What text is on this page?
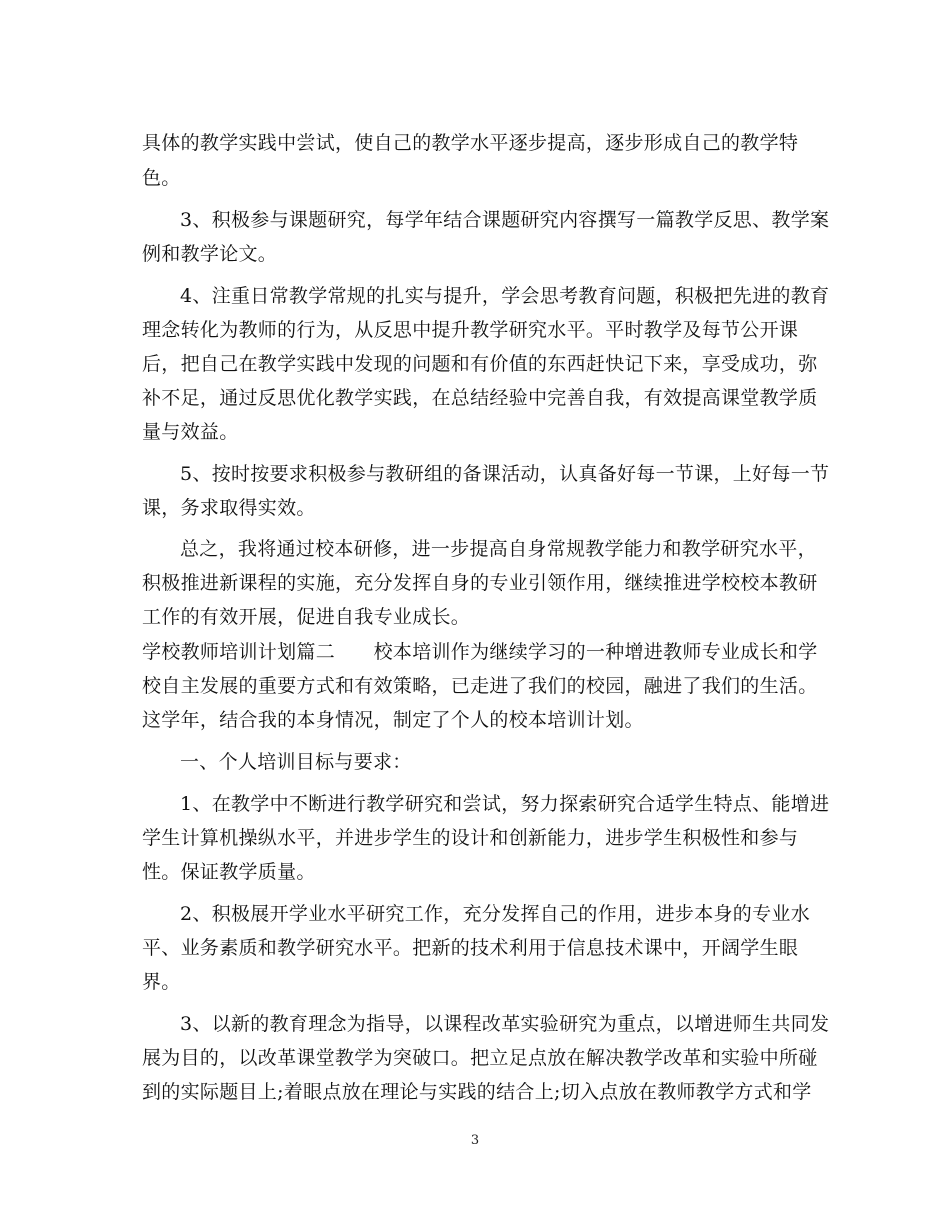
具体的教学实践中尝试，使自己的教学水平逐步提高，逐步形成自己的教学特
色。
3、积极参与课题研究，每学年结合课题研究内容撰写一篇教学反思、教学案
例和教学论文。
4、注重日常教学常规的扎实与提升，学会思考教育问题，积极把先进的教育
理念转化为教师的行为，从反思中提升教学研究水平。平时教学及每节公开课
后，把自己在教学实践中发现的问题和有价值的东西赶快记下来，享受成功，弥
补不足，通过反思优化教学实践，在总结经验中完善自我，有效提高课堂教学质
量与效益。
5、按时按要求积极参与教研组的备课活动，认真备好每一节课，上好每一节
课，务求取得实效。
总之，我将通过校本研修，进一步提高自身常规教学能力和教学研究水平，
积极推进新课程的实施，充分发挥自身的专业引领作用，继续推进学校校本教研
工作的有效开展，促进自我专业成长。
学校教师培训计划篇二　　校本培训作为继续学习的一种增进教师专业成长和学
校自主发展的重要方式和有效策略，已走进了我们的校园，融进了我们的生活。
这学年，结合我的本身情况，制定了个人的校本培训计划。
一、个人培训目标与要求：
1、在教学中不断进行教学研究和尝试，努力探索研究合适学生特点、能增进
学生计算机操纵水平，并进步学生的设计和创新能力，进步学生积极性和参与
性。保证教学质量。
2、积极展开学业水平研究工作，充分发挥自己的作用，进步本身的专业水
平、业务素质和教学研究水平。把新的技术利用于信息技术课中，开阔学生眼
界。
3、以新的教育理念为指导，以课程改革实验研究为重点，以增进师生共同发
展为目的，以改革课堂教学为突破口。把立足点放在解决教学改革和实验中所碰
到的实际题目上;着眼点放在理论与实践的结合上;切入点放在教师教学方式和学
3
